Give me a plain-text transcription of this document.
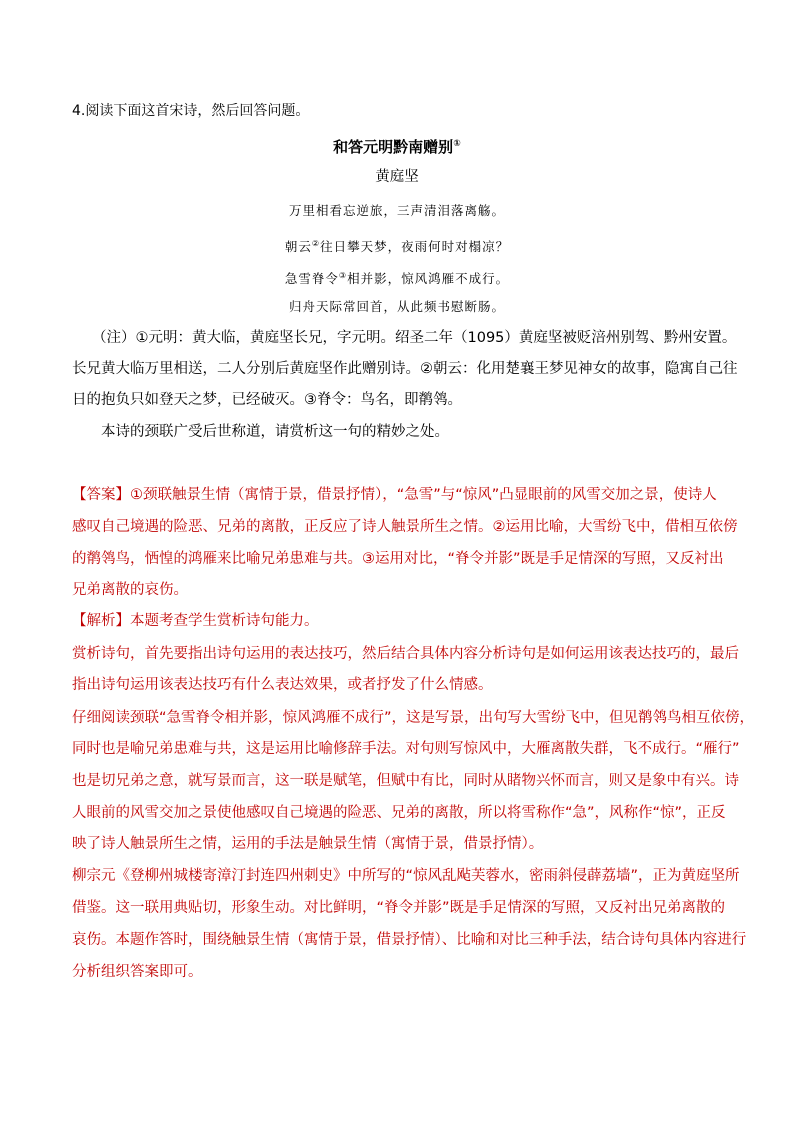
4.阅读下面这首宋诗，然后回答问题。
和答元明黔南赠别①
黄庭坚
万里相看忘逆旅，三声清泪落离觞。
朝云②往日攀天梦，夜雨何时对榻凉？
急雪脊令③相并影，惊风鸿雁不成行。
归舟天际常回首，从此频书慰断肠。
（注）①元明：黄大临，黄庭坚长兄，字元明。绍圣二年（1095）黄庭坚被贬涪州别驾、黔州安置。
长兄黄大临万里相送，二人分别后黄庭坚作此赠别诗。②朝云：化用楚襄王梦见神女的故事，隐寓自己往
日的抱负只如登天之梦，已经破灭。③脊令：鸟名，即鹡鸰。
本诗的颈联广受后世称道，请赏析这一句的精妙之处。
【答案】①颈联触景生情（寓情于景，借景抒情），“急雪”与“惊风”凸显眼前的风雪交加之景，使诗人
感叹自己境遇的险恶、兄弟的离散，正反应了诗人触景所生之情。②运用比喻，大雪纷飞中，借相互依傍
的鹡鸰鸟，恓惶的鸿雁来比喻兄弟患难与共。③运用对比，“脊令并影”既是手足情深的写照，又反衬出
兄弟离散的哀伤。
【解析】本题考查学生赏析诗句能力。
赏析诗句，首先要指出诗句运用的表达技巧，然后结合具体内容分析诗句是如何运用该表达技巧的，最后
指出诗句运用该表达技巧有什么表达效果，或者抒发了什么情感。
仔细阅读颈联“急雪脊令相并影，惊风鸿雁不成行”，这是写景，出句写大雪纷飞中，但见鹡鸰鸟相互依傍，
同时也是喻兄弟患难与共，这是运用比喻修辞手法。对句则写惊风中，大雁离散失群，飞不成行。“雁行”
也是切兄弟之意，就写景而言，这一联是赋笔，但赋中有比，同时从睹物兴怀而言，则又是象中有兴。诗
人眼前的风雪交加之景使他感叹自己境遇的险恶、兄弟的离散，所以将雪称作“急”，风称作“惊”，正反
映了诗人触景所生之情，运用的手法是触景生情（寓情于景，借景抒情）。
柳宗元《登柳州城楼寄漳汀封连四州刺史》中所写的“惊风乱飐芙蓉水，密雨斜侵薜荔墙”，正为黄庭坚所
借鉴。这一联用典贴切，形象生动。对比鲜明，“脊令并影”既是手足情深的写照，又反衬出兄弟离散的
哀伤。本题作答时，围绕触景生情（寓情于景，借景抒情）、比喻和对比三种手法，结合诗句具体内容进行
分析组织答案即可。
